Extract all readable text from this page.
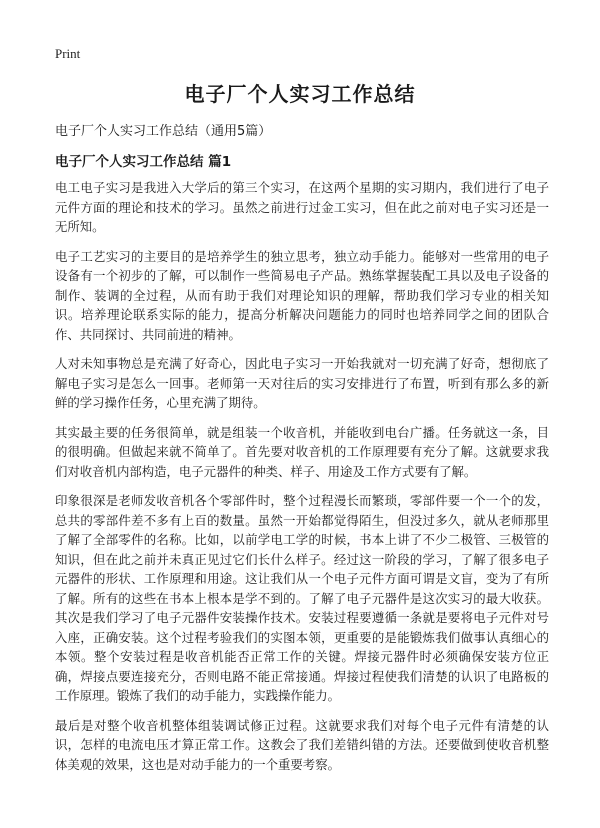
Print
电子厂个人实习工作总结

电子厂个人实习工作总结（通用5篇）

电子厂个人实习工作总结 篇1

电工电子实习是我进入大学后的第三个实习，在这两个星期的实习期内，我们进行了电子元件方面的理论和技术的学习。虽然之前进行过金工实习，但在此之前对电子实习还是一无所知。

电子工艺实习的主要目的是培养学生的独立思考，独立动手能力。能够对一些常用的电子设备有一个初步的了解，可以制作一些简易电子产品。熟练掌握装配工具以及电子设备的制作、装调的全过程，从而有助于我们对理论知识的理解，帮助我们学习专业的相关知识。培养理论联系实际的能力，提高分析解决问题能力的同时也培养同学之间的团队合作、共同探讨、共同前进的精神。

人对未知事物总是充满了好奇心，因此电子实习一开始我就对一切充满了好奇，想彻底了解电子实习是怎么一回事。老师第一天对往后的实习安排进行了布置，听到有那么多的新鲜的学习操作任务，心里充满了期待。

其实最主要的任务很简单，就是组装一个收音机，并能收到电台广播。任务就这一条，目的很明确。但做起来就不简单了。首先要对收音机的工作原理要有充分了解。这就要求我们对收音机内部构造，电子元器件的种类、样子、用途及工作方式要有了解。

印象很深是老师发收音机各个零部件时，整个过程漫长而繁琐，零部件要一个一个的发，总共的零部件差不多有上百的数量。虽然一开始都觉得陌生，但没过多久，就从老师那里了解了全部零件的名称。比如，以前学电工学的时候，书本上讲了不少二极管、三极管的知识，但在此之前并未真正见过它们长什么样子。经过这一阶段的学习，了解了很多电子元器件的形状、工作原理和用途。这让我们从一个电子元件方面可谓是文盲，变为了有所了解。所有的这些在书本上根本是学不到的。了解了电子元器件是这次实习的最大收获。其次是我们学习了电子元器件安装操作技术。安装过程要遵循一条就是要将电子元件对号入座，正确安装。这个过程考验我们的实图本领，更重要的是能锻炼我们做事认真细心的本领。整个安装过程是收音机能否正常工作的关键。焊接元器件时必须确保安装方位正确，焊接点要连接充分，否则电路不能正常接通。焊接过程使我们清楚的认识了电路板的工作原理。锻炼了我们的动手能力，实践操作能力。

最后是对整个收音机整体组装调试修正过程。这就要求我们对每个电子元件有清楚的认识，怎样的电流电压才算正常工作。这教会了我们差错纠错的方法。还要做到使收音机整体美观的效果，这也是对动手能力的一个重要考察。
